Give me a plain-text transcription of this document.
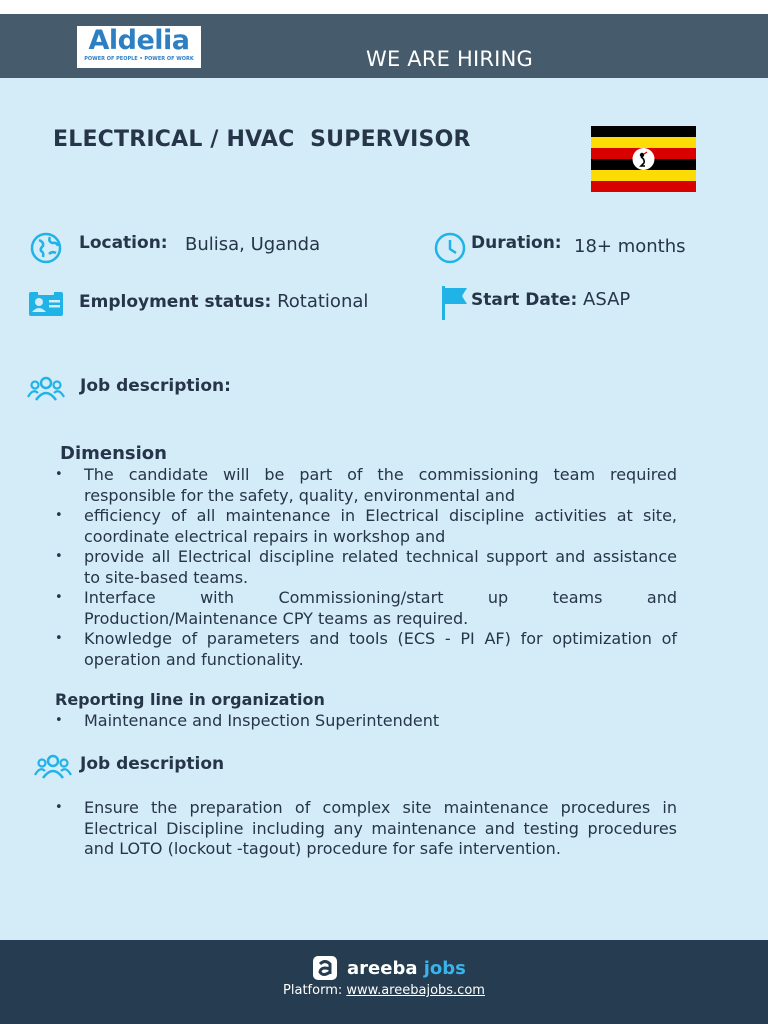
Aldelia
POWER OF PEOPLE • POWER OF WORK	WE ARE HIRING
ELECTRICAL / HVAC  SUPERVISOR
Location: Bulisa, Uganda	Duration: 18+ months
Employment status: Rotational	Start Date: ASAP
Job description:
Dimension
• The candidate will be part of the commissioning team required responsible for the safety, quality, environmental and
• efficiency of all maintenance in Electrical discipline activities at site, coordinate electrical repairs in workshop and
• provide all Electrical discipline related technical support and assistance to site-based teams.
• Interface with Commissioning/start up teams and Production/Maintenance CPY teams as required.
• Knowledge of parameters and tools (ECS - PI AF) for optimization of operation and functionality.
Reporting line in organization
• Maintenance and Inspection Superintendent
Job description
• Ensure the preparation of complex site maintenance procedures in Electrical Discipline including any maintenance and testing procedures and LOTO (lockout -tagout) procedure for safe intervention.
areeba jobs
Platform: www.areebajobs.com
